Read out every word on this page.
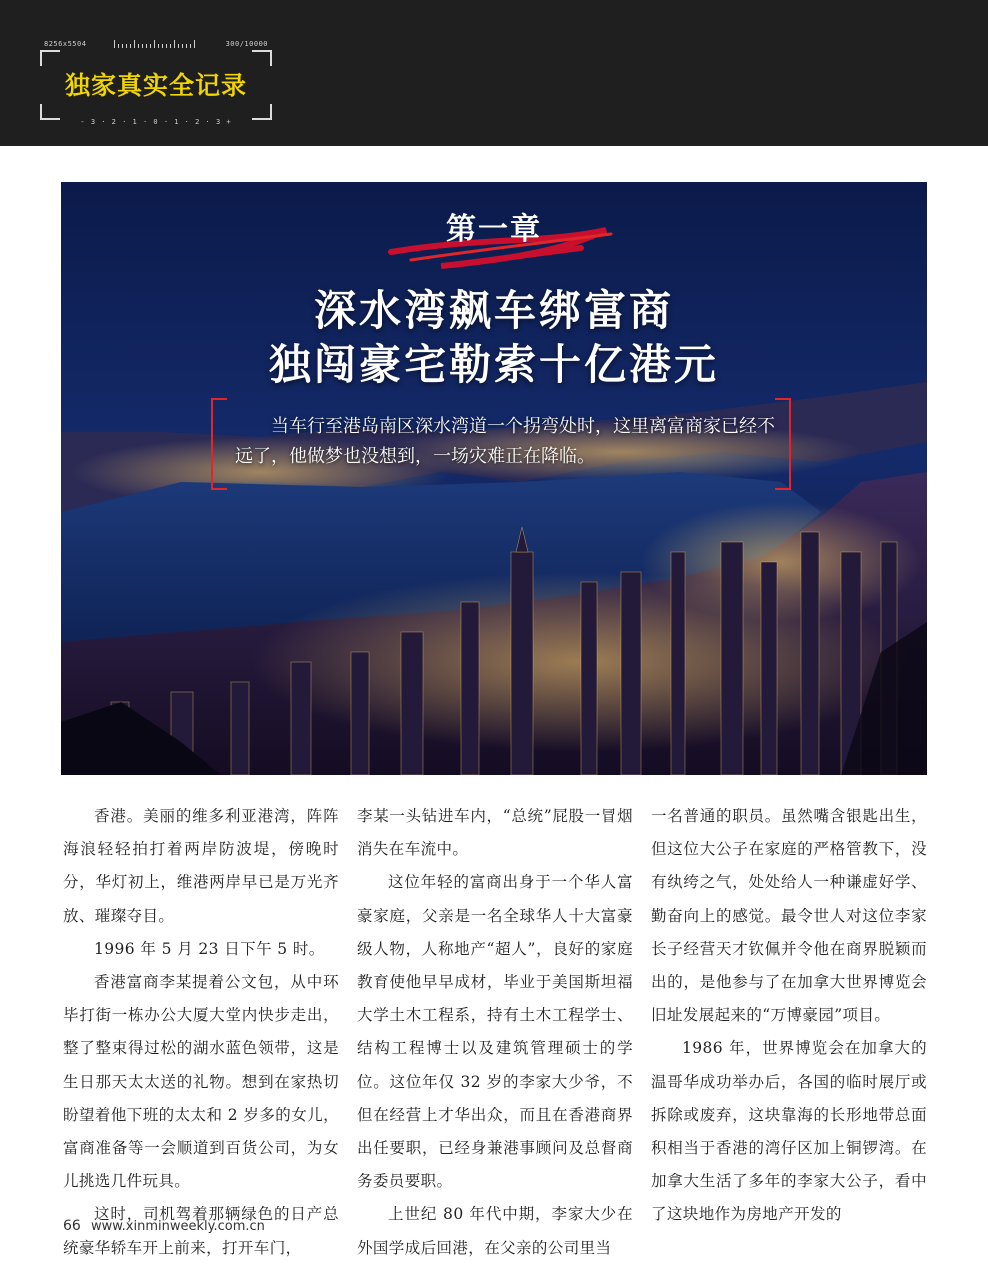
8256x5504	300/10000
独家真实全记录
- 3 · 2 · 1 · 0 · 1 · 2 · 3 +
第一章
深水湾飙车绑富商
独闯豪宅勒索十亿港元
当车行至港岛南区深水湾道一个拐弯处时，这里离富商家已经不远了，他做梦也没想到，一场灾难正在降临。

香港。美丽的维多利亚港湾，阵阵海浪轻轻拍打着两岸防波堤，傍晚时分，华灯初上，维港两岸早已是万光齐放、璀璨夺目。

1996 年 5 月 23 日下午 5 时。

香港富商李某提着公文包，从中环毕打街一栋办公大厦大堂内快步走出，整了整束得过松的湖水蓝色领带，这是生日那天太太送的礼物。想到在家热切盼望着他下班的太太和 2 岁多的女儿，富商准备等一会顺道到百货公司，为女儿挑选几件玩具。

这时，司机驾着那辆绿色的日产总统豪华轿车开上前来，打开车门，

李某一头钻进车内，“总统”屁股一冒烟消失在车流中。

这位年轻的富商出身于一个华人富豪家庭，父亲是一名全球华人十大富豪级人物，人称地产“超人”，良好的家庭教育使他早早成材，毕业于美国斯坦福大学土木工程系，持有土木工程学士、结构工程博士以及建筑管理硕士的学位。这位年仅 32 岁的李家大少爷，不但在经营上才华出众，而且在香港商界出任要职，已经身兼港事顾问及总督商务委员要职。

上世纪 80 年代中期，李家大少在外国学成后回港，在父亲的公司里当

一名普通的职员。虽然嘴含银匙出生，但这位大公子在家庭的严格管教下，没有纨绔之气，处处给人一种谦虚好学、勤奋向上的感觉。最令世人对这位李家长子经营天才钦佩并令他在商界脱颖而出的，是他参与了在加拿大世界博览会旧址发展起来的“万博豪园”项目。

1986 年，世界博览会在加拿大的温哥华成功举办后，各国的临时展厅或拆除或废弃，这块靠海的长形地带总面积相当于香港的湾仔区加上铜锣湾。在加拿大生活了多年的李家大公子，看中了这块地作为房地产开发的

66 www.xinminweekly.com.cn
